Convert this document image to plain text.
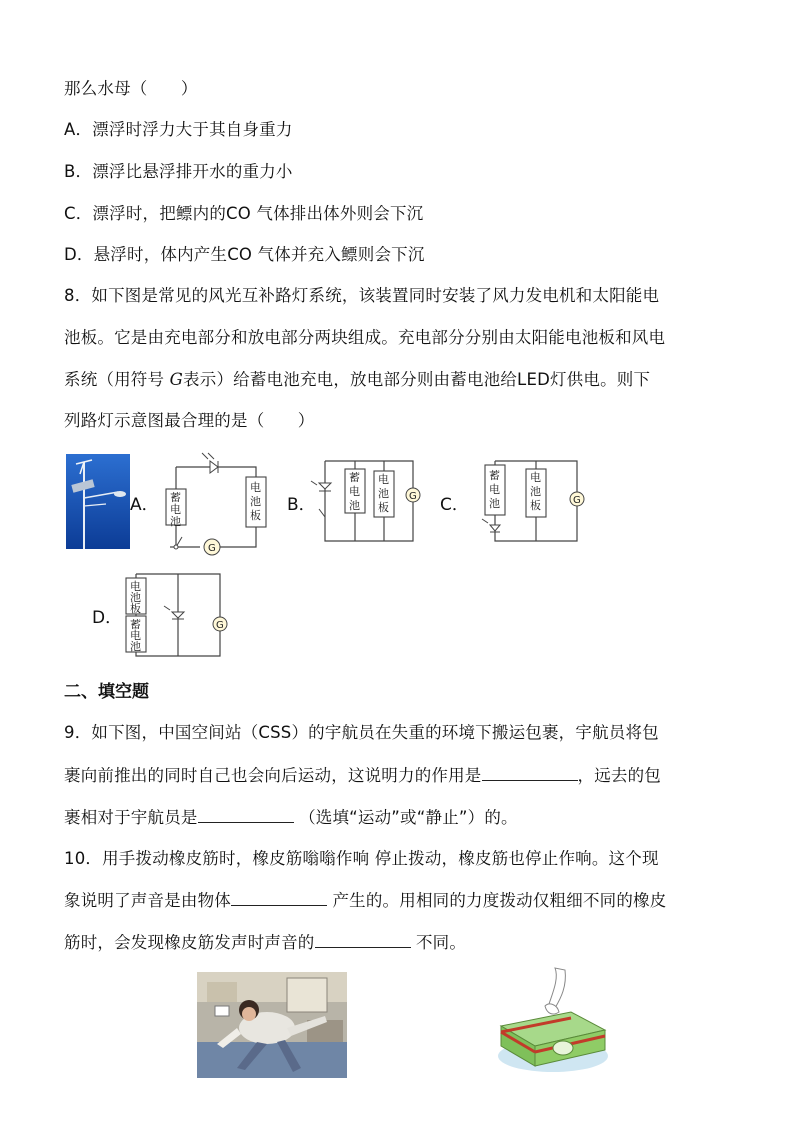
那么水母（　　）
A．漂浮时浮力大于其自身重力
B．漂浮比悬浮排开水的重力小
C．漂浮时，把鳔内的CO 气体排出体外则会下沉
D．悬浮时，体内产生CO 气体并充入鳔则会下沉
8．如下图是常见的风光互补路灯系统，该装置同时安装了风力发电机和太阳能电
池板。它是由充电部分和放电部分两块组成。充电部分分别由太阳能电池板和风电
系统（用符号 G表示）给蓄电池充电，放电部分则由蓄电池给LED灯供电。则下
列路灯示意图最合理的是（　　）
A． 蓄
电
池
电
池
板
G
B．
蓄
电
池
电
池
板
G C．
蓄
电
池
电
池
板	G
D．
电
池
板
蓄
电
池
G
二、填空题
9．如下图，中国空间站（CSS）的宇航员在失重的环境下搬运包裹，宇航员将包
裹向前推出的同时自己也会向后运动，这说明力的作用是	，远去的包
裹相对于宇航员是	（选填“运动”或“静止”）的。
10．用手拨动橡皮筋时，橡皮筋嗡嗡作响 停止拨动，橡皮筋也停止作响。这个现
象说明了声音是由物体	产生的。用相同的力度拨动仅粗细不同的橡皮
筋时，会发现橡皮筋发声时声音的	不同。
